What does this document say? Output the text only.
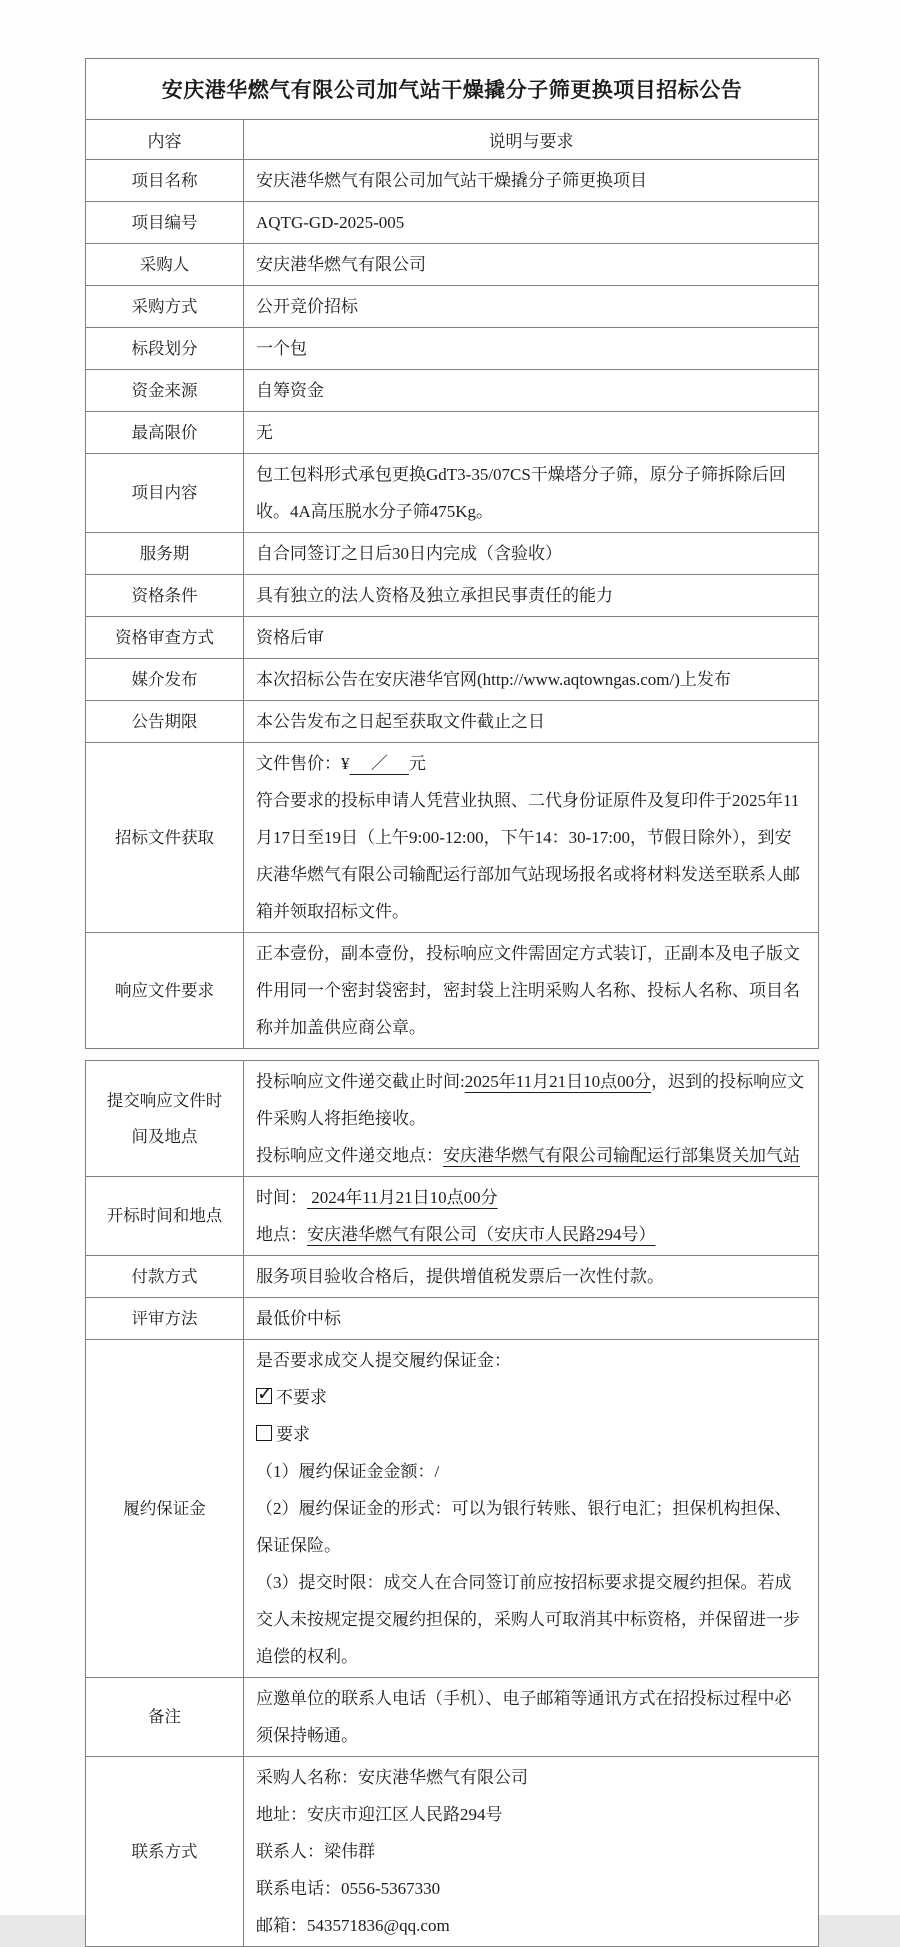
安庆港华燃气有限公司加气站干燥撬分子筛更换项目招标公告	
内容	说明与要求
项目名称	安庆港华燃气有限公司加气站干燥撬分子筛更换项目

项目编号	AQTG-GD-2025-005

采购人	安庆港华燃气有限公司

采购方式	公开竞价招标

标段划分	一个包

资金来源	自筹资金

最高限价	无

项目内容	包工包料形式承包更换GdT3-35/07CS干燥塔分子筛，原分子筛拆除后回收。4A高压脱水分子筛475Kg。

服务期	自合同签订之日后30日内完成（含验收）

资格条件	具有独立的法人资格及独立承担民事责任的能力

资格审查方式	资格后审

媒介发布	本次招标公告在安庆港华官网(http://www.aqtowngas.com/)上发布

公告期限	本公告发布之日起至获取文件截止之日

招标文件获取	文件售价：¥　 ／ 　元
符合要求的投标申请人凭营业执照、二代身份证原件及复印件于2025年11月17日至19日（上午9:00-12:00，下午14：30-17:00，节假日除外），到安庆港华燃气有限公司输配运行部加气站现场报名或将材料发送至联系人邮箱并领取招标文件。

响应文件要求	正本壹份，副本壹份，投标响应文件需固定方式装订，正副本及电子版文件用同一个密封袋密封，密封袋上注明采购人名称、投标人名称、项目名称并加盖供应商公章。
提交响应文件时间及地点	投标响应文件递交截止时间:2025年11月21日10点00分，迟到的投标响应文件采购人将拒绝接收。
投标响应文件递交地点：安庆港华燃气有限公司输配运行部集贤关加气站

开标时间和地点	时间： 2024年11月21日10点00分
地点：安庆港华燃气有限公司（安庆市人民路294号）

付款方式	服务项目验收合格后，提供增值税发票后一次性付款。

评审方法	最低价中标

履约保证金	
是否要求成交人提交履约保证金：
✓不要求
要求
（1）履约保证金金额：/
（2）履约保证金的形式：可以为银行转账、银行电汇；担保机构担保、保证保险。
（3）提交时限：成交人在合同签订前应按招标要求提交履约担保。若成交人未按规定提交履约担保的，采购人可取消其中标资格，并保留进一步追偿的权利。

备注	应邀单位的联系人电话（手机）、电子邮箱等通讯方式在招投标过程中必须保持畅通。

联系方式	采购人名称：安庆港华燃气有限公司
地址：安庆市迎江区人民路294号
联系人：梁伟群
联系电话：0556-5367330
邮箱：543571836@qq.com
